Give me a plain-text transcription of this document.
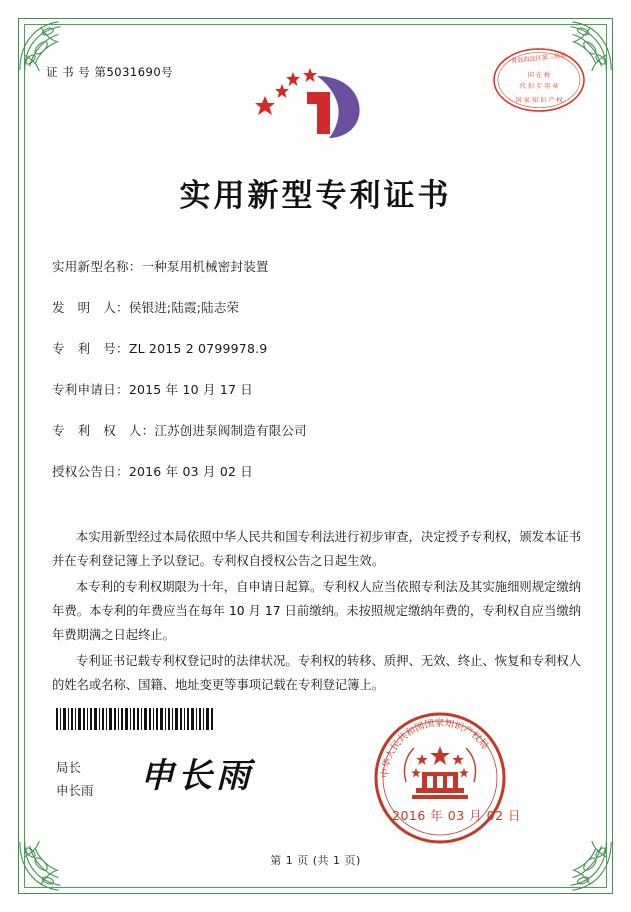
证 书 号 第5031690号
青岛海淀区第三检验
国 在 税
代 扣 专 用 章
国 家 知 识 产 权
实用新型专利证书
实用新型名称： 一种泵用机械密封装置
发　明　人： 侯银进;陆霞;陆志荣
专　利　号： ZL 2015 2 0799978.9
专利申请日： 2015 年 10 月 17 日
专　利　权　人： 江苏创进泵阀制造有限公司
授权公告日： 2016 年 03 月 02 日

本实用新型经过本局依照中华人民共和国专利法进行初步审查，决定授予专利权，颁发本证书并在专利登记簿上予以登记。专利权自授权公告之日起生效。

本专利的专利权期限为十年，自申请日起算。专利权人应当依照专利法及其实施细则规定缴纳年费。本专利的年费应当在每年 10 月 17 日前缴纳。未按照规定缴纳年费的，专利权自应当缴纳年费期满之日起终止。

专利证书记载专利权登记时的法律状况。专利权的转移、质押、无效、终止、恢复和专利权人的姓名或名称、国籍、地址变更等事项记载在专利登记簿上。

局长
申长雨 申长雨	中华人民共和国国家知识产权局
2016 年 03 月 02 日
第 1 页 (共 1 页)
